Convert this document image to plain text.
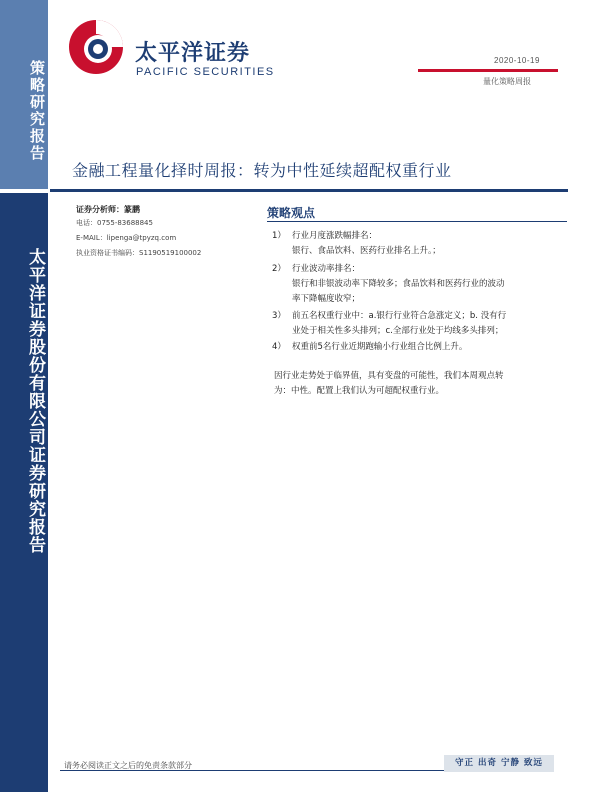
策略研究报告
太平洋证券股份有限公司证券研究报告
太平洋证券
PACIFIC SECURITIES
2020-10-19
量化策略周报
金融工程量化择时周报：转为中性延续超配权重行业
证券分析师：篆鹏
电话：0755-83688845
E-MAIL：lipenga@tpyzq.com
执业资格证书编码：S1190519100002
策略观点
1） 行业月度涨跌幅排名：
银行、食品饮料、医药行业排名上升。；
2） 行业波动率排名：
银行和非银波动率下降较多；食品饮料和医药行业的波动
率下降幅度收窄；
3） 前五名权重行业中：a.银行行业符合急涨定义；b. 没有行
业处于相关性多头排列；c.全部行业处于均线多头排列；
4） 权重前5名行业近期跑输小行业组合比例上升。
因行业走势处于临界值，具有变盘的可能性，我们本周观点转
为：中性。配置上我们认为可超配权重行业。
请务必阅读正文之后的免责条款部分	守正 出奇 宁静 致远
